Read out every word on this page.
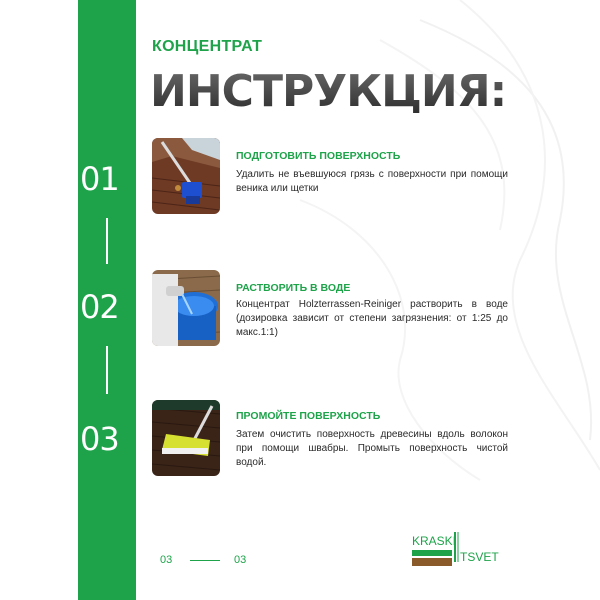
КОНЦЕНТРАТ
ИНСТРУКЦИЯ:
01
02
03
ПОДГОТОВИТЬ ПОВЕРХНОСТЬ
Удалить не въевшуюся грязь с поверхности при помощи веника или щетки
РАСТВОРИТЬ В ВОДЕ
Концентрат Holzterrassen-Reiniger растворить в воде (дозировка зависит от степени загрязнения: от 1:25 до макс.1:1)
ПРОМОЙТЕ ПОВЕРХНОСТЬ
Затем очистить поверхность древесины вдоль волокон при помощи швабры. Промыть поверхность чистой водой.
03	03
KRASKI
TSVET
